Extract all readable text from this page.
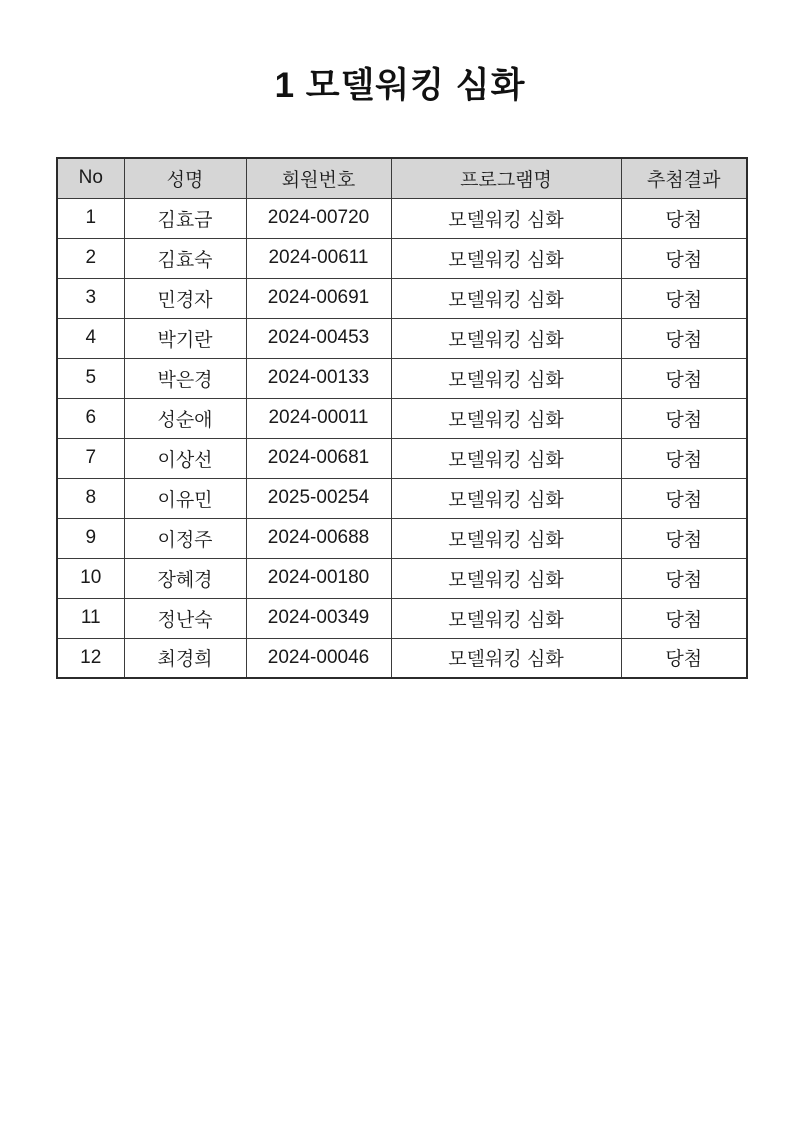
1 모델워킹 심화
No	성명	회원번호	프로그램명	추첨결과
1	김효금	2024-00720	모델워킹 심화	당첨
2	김효숙	2024-00611	모델워킹 심화	당첨
3	민경자	2024-00691	모델워킹 심화	당첨
4	박기란	2024-00453	모델워킹 심화	당첨
5	박은경	2024-00133	모델워킹 심화	당첨
6	성순애	2024-00011	모델워킹 심화	당첨
7	이상선	2024-00681	모델워킹 심화	당첨
8	이유민	2025-00254	모델워킹 심화	당첨
9	이정주	2024-00688	모델워킹 심화	당첨
10	장혜경	2024-00180	모델워킹 심화	당첨
11	정난숙	2024-00349	모델워킹 심화	당첨
12	최경희	2024-00046	모델워킹 심화	당첨
